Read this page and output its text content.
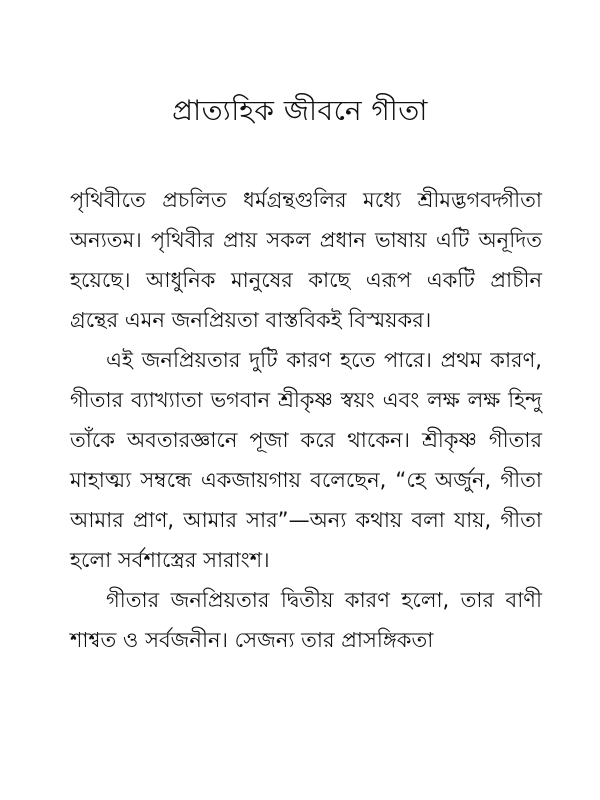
প্রাত্যহিক জীবনে গীতা

পৃথিবীতে প্রচলিত ধর্মগ্রন্থগুলির মধ্যে শ্রীমদ্ভগবদ্গীতা অন্যতম। পৃথিবীর প্রায় সকল প্রধান ভাষায় এটি অনূদিত হয়েছে। আধুনিক মানুষের কাছে এরূপ একটি প্রাচীন গ্রন্থের এমন জনপ্রিয়তা বাস্তবিকই বিস্ময়কর।

এই জনপ্রিয়তার দুটি কারণ হতে পারে। প্রথম কারণ, গীতার ব্যাখ্যাতা ভগবান শ্রীকৃষ্ণ স্বয়ং এবং লক্ষ লক্ষ হিন্দু তাঁকে অবতারজ্ঞানে পূজা করে থাকেন। শ্রীকৃষ্ণ গীতার মাহাত্ম্য সম্বন্ধে একজায়গায় বলেছেন, “হে অর্জুন, গীতা আমার প্রাণ, আমার সার”—অন্য কথায় বলা যায়, গীতা হলো সর্বশাস্ত্রের সারাংশ।

গীতার জনপ্রিয়তার দ্বিতীয় কারণ হলো, তার বাণী শাশ্বত ও সর্বজনীন। সেজন্য তার প্রাসঙ্গিকতা
